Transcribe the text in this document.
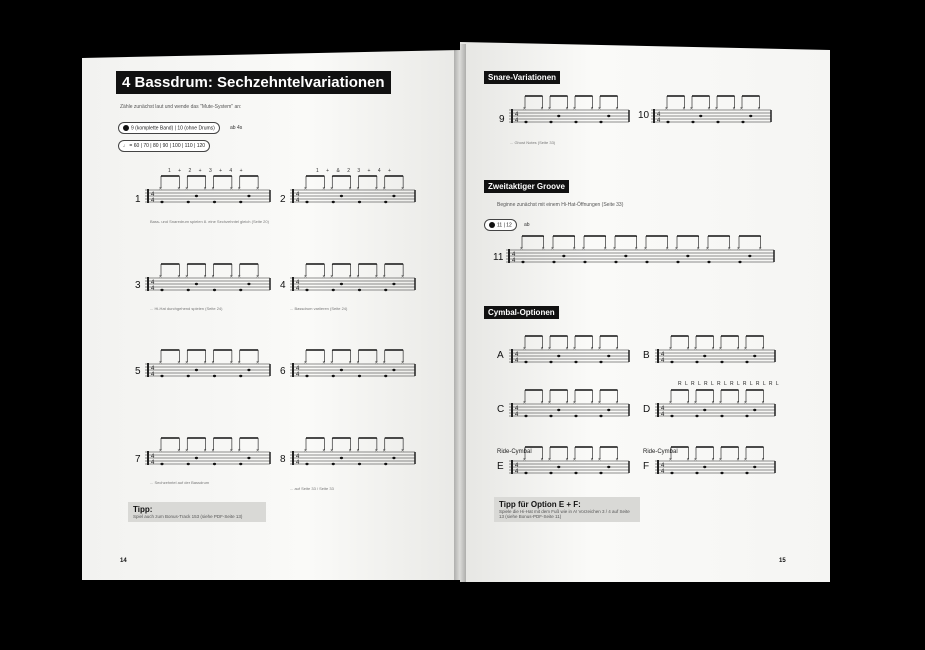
4 Bassdrum: Sechzehntelvariationen
Zähle zunächst laut und wende das "Mute-System" an:
9 (komplette Band) | 10 (ohne Drums)	ab 4s
♩ = 60 | 70 | 80 | 90 | 100 | 110 | 120
1
1 + 2 + 3 + 4 +
Bass- und Snaredrum spielen 8. eine Sechzehntel gleich (Seite 20)
2
1 + & 2 3 + 4 +
3
... Hi-Hat durchgehend spielen (Seite 24)
4
... Bassdrum variieren (Seite 24)
5	6
7
... Sechzehntel auf der Bassdrum
8
... auf Seite 33 / Seite 33
Tipp:
Spiel auch zum Bonus-Track 153 (siehe PDF-Seite 13)
14
Snare-Variationen
9
... Ghost Notes (Seite 33)
10
Zweitaktiger Groove
Beginne zunächst mit einem Hi-Hat-Öffnungen (Seite 33)
11 | 12	ab
11
Cymbal-Optionen
A	B
C	D
R L R L R L R L R L R L R L R L
Ride-Cymbal
E
Ride-Cymbal
F
Tipp für Option E + F:
Spiele die Hi-Hat mit dem Fuß wie in A! Vorzeichen 3 / 4 auf Seite 13 (siehe Bonus-PDF-Seite 11)
15
4
4
×	× ×	× ×	× ×	×
4
4
×	× ×	× ×	× ×	×
4
4
×	× ×	× ×	× ×	×
4
4
×	× ×	× ×	× ×	×
4
4
×	× ×	× ×	× ×	×
4
4
×	× ×	× ×	× ×	×
4
4
×	× ×	× ×	× ×	×
4
4
×	× ×	× ×	× ×	×
4
4
×	× ×	× ×	× ×	×
4
4
×	× ×	× ×	× ×	×
4
4
×	× ×	× ×	× ×	× ×	× ×	× ×	× ×	×
4
4
×	× ×	× ×	× ×	×
4
4
×	× ×	× ×	× ×	×
4
4
×	× ×	× ×	× ×	×
4
4
×	× ×	× ×	× ×	×
4
4
×	× ×	× ×	× ×	×
4
4
×	× ×	× ×	× ×	×
